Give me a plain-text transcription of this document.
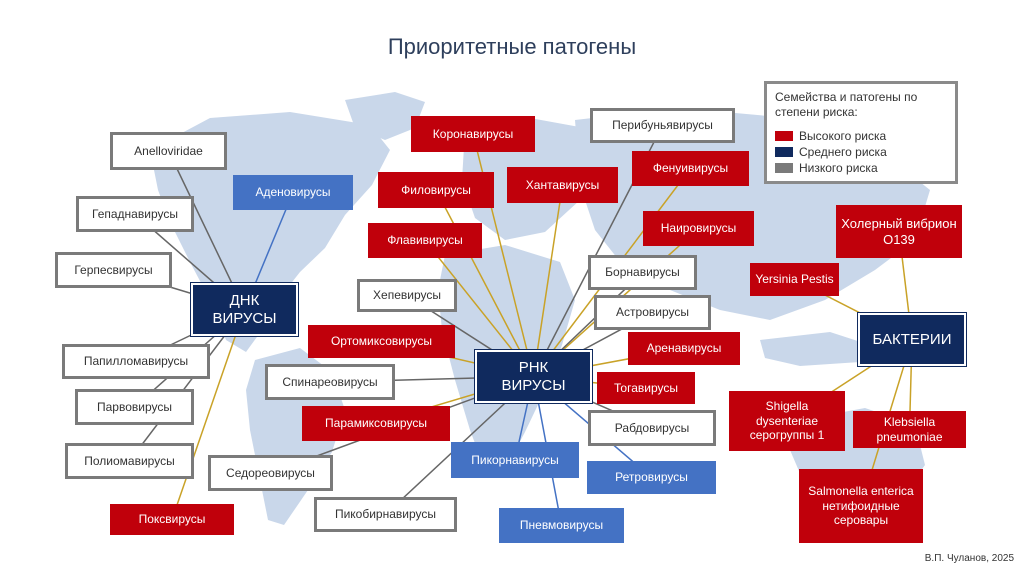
Приоритетные патогены
Семейства и патогены по степени риска:
Высокого риска
Среднего риска
Низкого риска
ДНК
ВИРУСЫ
РНК
ВИРУСЫ
БАКТЕРИИ
Anelloviridae
Аденовирусы
Гепаднавирусы
Герпесвирусы
Папилломавирусы
Парвовирусы
Полиомавирусы
Поксвирусы
Коронавирусы
Перибуньявирусы
Филовирусы	Хантавирусы
Фенуивирусы
Флавивирусы
Наировирусы
Борнавирусы
Хепевирусы
Астровирусы
Ортомиксовирусы	Аренавирусы
Спинареовирусы	Тогавирусы
Парамиксовирусы	Рабдовирусы
Пикорнавирусы
Седореовирусы	Ретровирусы
Пикобирнавирусы
Пневмовирусы
Холерный вибрион O139
Yersinia Pestis
Shigella dysenteriae серогруппы 1
Klebsiella pneumoniae
Salmonella enterica нетифоидные серовары
В.П. Чуланов, 2025
